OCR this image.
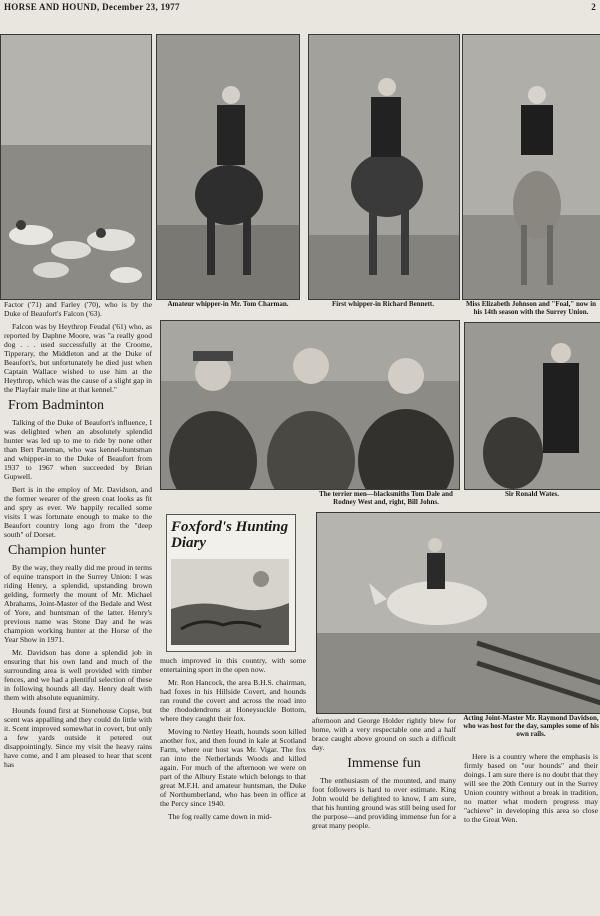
HORSE AND HOUND, December 23, 1977	2
Amateur whipper-in Mr. Tom Charman.	First whipper-in Richard Bennett.	Miss Elizabeth Johnson and "Foal," now in his 14th season with the Surrey Union.
The terrier men—blacksmiths Tom Dale and Rodney West and, right, Bill Johns.
Sir Ronald Wates.
Foxford's Hunting Diary
Acting Joint-Master Mr. Raymond Davidson, who was host for the day, samples some of his own rails.

Factor ('71) and Farley ('70), who is by the Duke of Beaufort's Falcon ('63).

Falcon was by Heythrop Feudal ('61) who, as reported by Daphne Moore, was "a really good dog . . . used successfully at the Croome, Tipperary, the Middleton and at the Duke of Beaufort's, but unfortunately he died just when Captain Wallace wished to use him at the Heythrop, which was the cause of a slight gap in the Playfair male line at that kennel."

From Badminton

Talking of the Duke of Beaufort's influence, I was delighted when an absolutely splendid hunter was led up to me to ride by none other than Bert Pateman, who was kennel-huntsman and whipper-in to the Duke of Beaufort from 1937 to 1967 when succeeded by Brian Gupwell.

Bert is in the employ of Mr. Davidson, and the former wearer of the green coat looks as fit and spry as ever. We happily recalled some visits I was fortunate enough to make to the Beaufort country long ago from the "deep south" of Dorset.

Champion hunter

By the way, they really did me proud in terms of equine transport in the Surrey Union: I was riding Henry, a splendid, upstanding brown gelding, formerly the mount of Mr. Michael Abrahams, Joint-Master of the Bedale and West of Yore, and huntsman of the latter. Henry's previous name was Stone Day and he was champion working hunter at the Horse of the Year Show in 1971.

Mr. Davidson has done a splendid job in ensuring that his own land and much of the surrounding area is well provided with timber fences, and we had a plentiful selection of these in following hounds all day. Henry dealt with them with absolute equanimity.

Hounds found first at Stonehouse Copse, but scent was appalling and they could do little with it. Scent improved somewhat in covert, but only a few yards outside it petered out disappointingly. Since my visit the heavy rains have come, and I am pleased to hear that scent has

much improved in this country, with some entertaining sport in the open now.

Mr. Ron Hancock, the area B.H.S. chairman, had foxes in his Hillside Covert, and hounds ran round the covert and across the road into the rhododendrons at Honeysuckle Bottom, where they caught their fox.

Moving to Netley Heath, hounds soon killed another fox, and then found in kale at Scotland Farm, where our host was Mr. Vigar. The fox ran into the Netherlands Woods and killed again. For much of the afternoon we were on part of the Albury Estate which belongs to that great M.F.H. and amateur huntsman, the Duke of Northumberland, who has been in office at the Percy since 1940.

The fog really came down in mid-

afternoon and George Holder rightly blew for home, with a very respectable one and a half brace caught above ground on such a difficult day.

Immense fun

The enthusiasm of the mounted, and many foot followers is hard to over estimate. King John would be delighted to know, I am sure, that his hunting ground was still being used for the purpose—and providing immense fun for a great many people.

Here is a country where the emphasis is firmly based on "our hounds" and their doings. I am sure there is no doubt that they will see the 20th Century out in the Surrey Union country without a break in tradition, no matter what modern progress may "achieve" in developing this area so close to the Great Wen.
